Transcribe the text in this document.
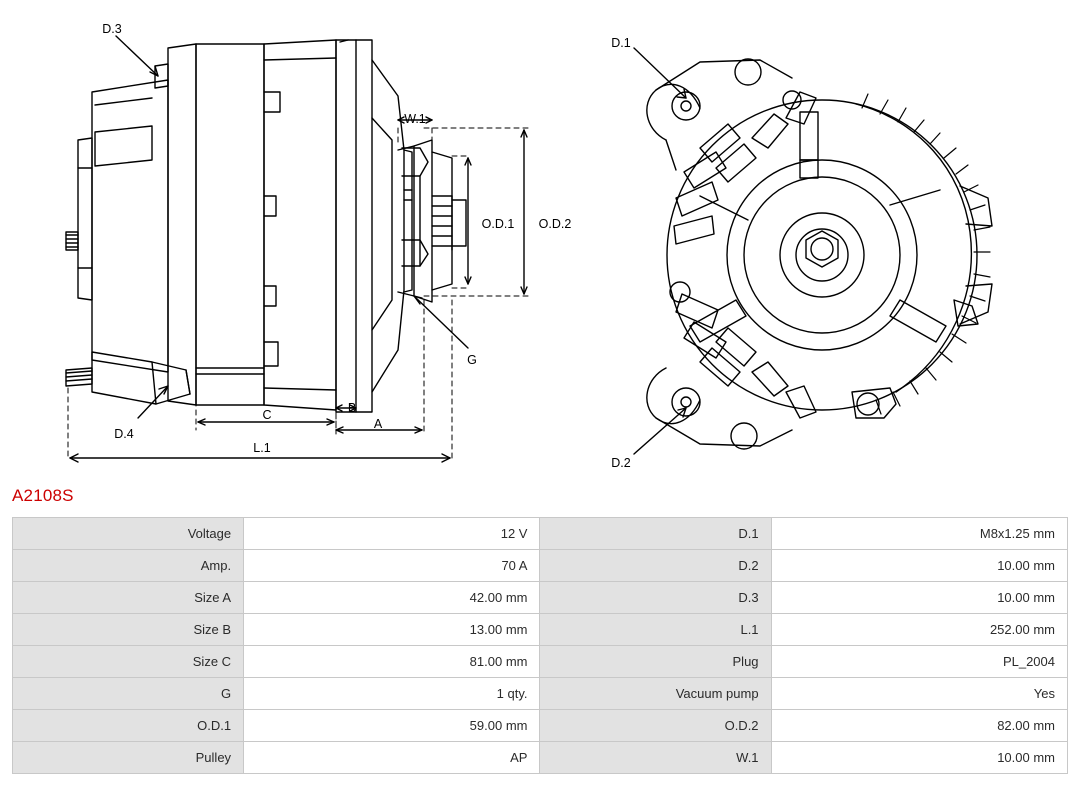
D.3
D.4
W.1
O.D.1 O.D.2
G
C	B
A
L.1
D.1
D.2
A2108S
Voltage	12 V	D.1	M8x1.25 mm
Amp.	70 A	D.2	10.00 mm
Size A	42.00 mm	D.3	10.00 mm
Size B	13.00 mm	L.1	252.00 mm
Size C	81.00 mm	Plug	PL_2004
G	1 qty.	Vacuum pump	Yes
O.D.1	59.00 mm	O.D.2	82.00 mm
Pulley	AP	W.1	10.00 mm
